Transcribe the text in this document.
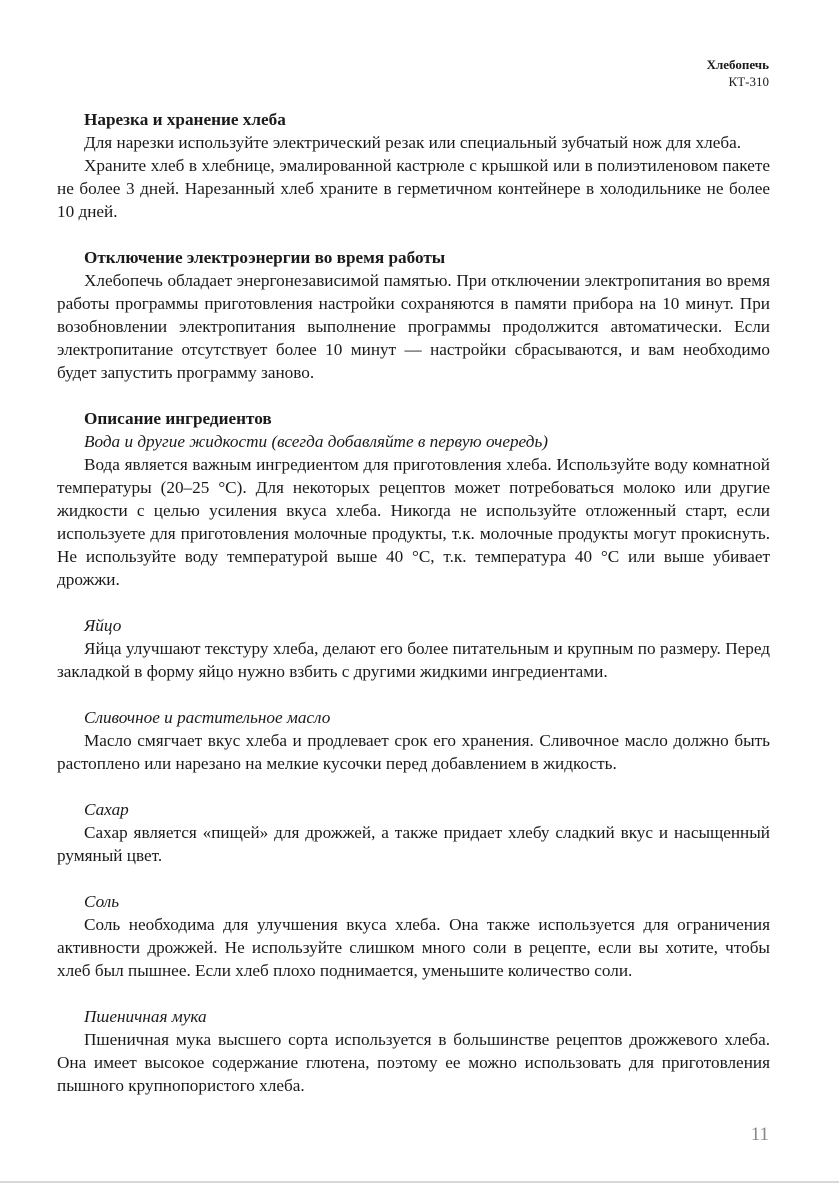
Хлебопечь
КТ-310
Нарезка и хранение хлеба

Для нарезки используйте электрический резак или специальный зубчатый нож для хлеба.

Храните хлеб в хлебнице, эмалированной кастрюле с крышкой или в полиэтиленовом пакете не более 3 дней. Нарезанный хлеб храните в герметичном контейнере в холодильнике не более 10 дней.

Отключение электроэнергии во время работы

Хлебопечь обладает энергонезависимой памятью. При отключении электропитания во время работы программы приготовления настройки сохраняются в памяти прибора на 10 минут. При возобновлении электропитания выполнение программы продолжится автоматически. Если электропитание отсутствует более 10 минут — настройки сбрасываются, и вам необходимо будет запустить программу заново.

Описание ингредиентов
Вода и другие жидкости (всегда добавляйте в первую очередь)

Вода является важным ингредиентом для приготовления хлеба. Используйте воду комнатной температуры (20–25 °C). Для некоторых рецептов может потребоваться молоко или другие жидкости с целью усиления вкуса хлеба. Никогда не используйте отложенный старт, если используете для приготовления молочные продукты, т.к. молочные продукты могут прокиснуть. Не используйте воду температурой выше 40 °C, т.к. температура 40 °C или выше убивает дрожжи.

Яйцо

Яйца улучшают текстуру хлеба, делают его более питательным и крупным по размеру. Перед закладкой в форму яйцо нужно взбить с другими жидкими ингредиентами.

Сливочное и растительное масло

Масло смягчает вкус хлеба и продлевает срок его хранения. Сливочное масло должно быть растоплено или нарезано на мелкие кусочки перед добавлением в жидкость.

Сахар

Сахар является «пищей» для дрожжей, а также придает хлебу сладкий вкус и насыщенный румяный цвет.

Соль

Соль необходима для улучшения вкуса хлеба. Она также используется для ограничения активности дрожжей. Не используйте слишком много соли в рецепте, если вы хотите, чтобы хлеб был пышнее. Если хлеб плохо поднимается, уменьшите количество соли.

Пшеничная мука

Пшеничная мука высшего сорта используется в большинстве рецептов дрожжевого хлеба. Она имеет высокое содержание глютена, поэтому ее можно использовать для приготовления пышного крупнопористого хлеба.

11
